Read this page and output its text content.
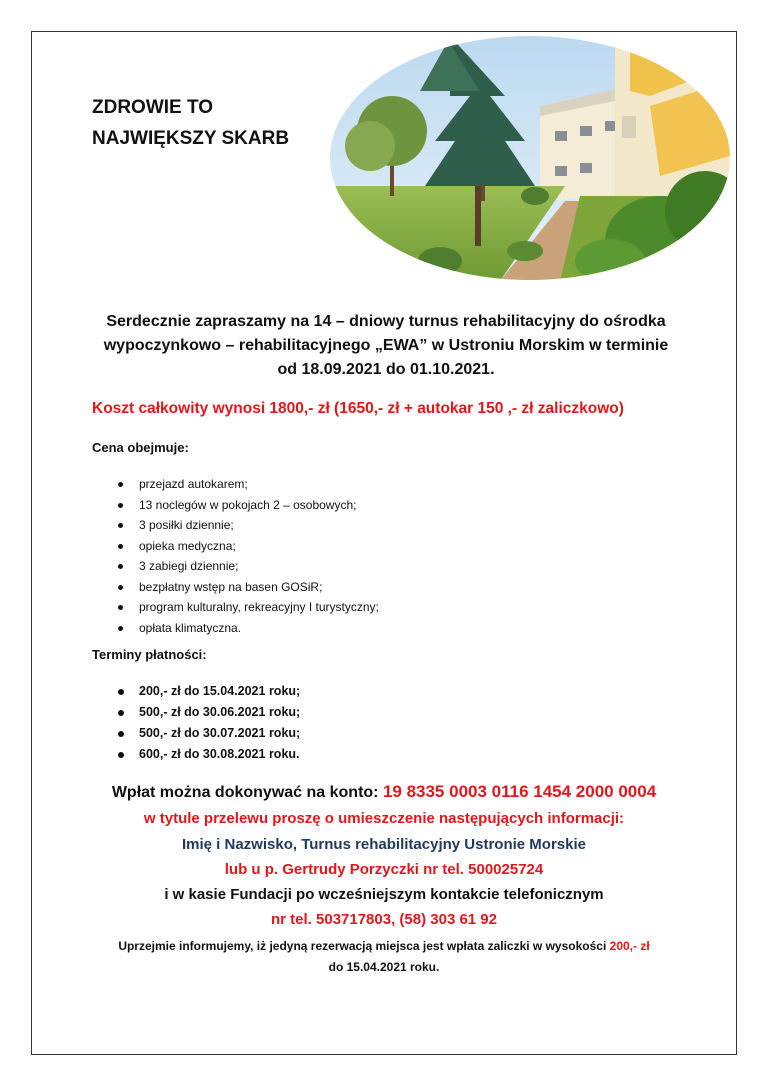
ZDROWIE TO
NAJWIĘKSZY SKARB
Serdecznie zapraszamy na 14 – dniowy turnus rehabilitacyjny do ośrodka
wypoczynkowo – rehabilitacyjnego „EWA” w Ustroniu Morskim w terminie
od 18.09.2021 do 01.10.2021.
Koszt całkowity wynosi 1800,- zł (1650,- zł + autokar 150 ,- zł zaliczkowo)
Cena obejmuje:
przejazd autokarem;
13 noclegów w pokojach 2 – osobowych;
3 posiłki dziennie;
opieka medyczna;
3 zabiegi dziennie;
bezpłatny wstęp na basen GOSiR;
program kulturalny, rekreacyjny I turystyczny;
opłata klimatyczna.
Terminy płatności:
200,- zł do 15.04.2021 roku;
500,- zł do 30.06.2021 roku;
500,- zł do 30.07.2021 roku;
600,- zł do 30.08.2021 roku.
Wpłat można dokonywać na konto: 19 8335 0003 0116 1454 2000 0004
w tytule przelewu proszę o umieszczenie następujących informacji:
Imię i Nazwisko, Turnus rehabilitacyjny Ustronie Morskie
lub u p. Gertrudy Porzyczki nr tel. 500025724
i w kasie Fundacji po wcześniejszym kontakcie telefonicznym
nr tel. 503717803, (58) 303 61 92
Uprzejmie informujemy, iż jedyną rezerwacją miejsca jest wpłata zaliczki w wysokości 200,- zł
do 15.04.2021 roku.
